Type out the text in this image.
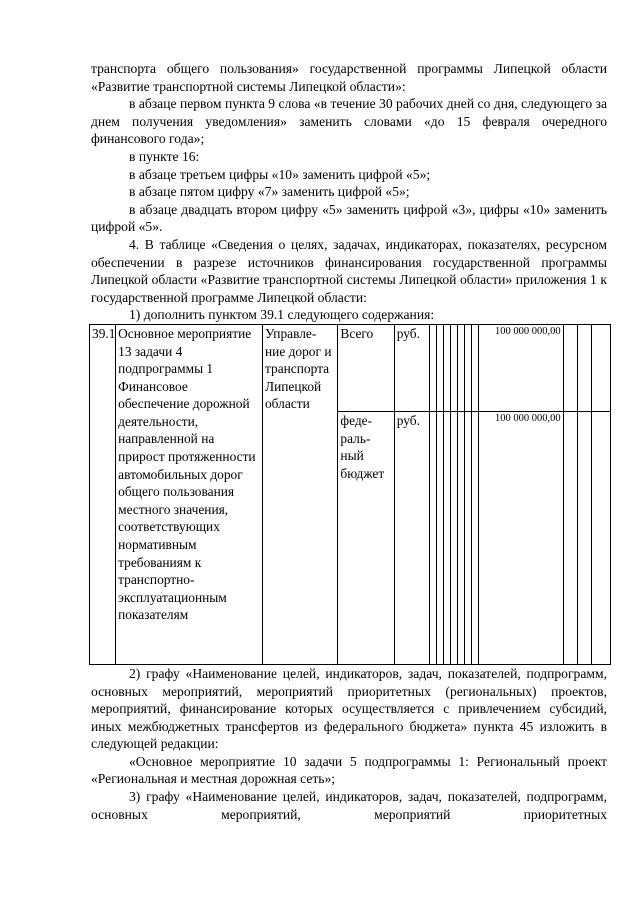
транспорта общего пользования» государственной программы Липецкой области «Развитие транспортной системы Липецкой области»:

в абзаце первом пункта 9 слова «в течение 30 рабочих дней со дня, следующего за днем получения уведомления» заменить словами «до 15 февраля очередного финансового года»;

в пункте 16:

в абзаце третьем цифры «10» заменить цифрой «5»;

в абзаце пятом цифру «7» заменить цифрой «5»;

в абзаце двадцать втором цифру «5» заменить цифрой «3», цифры «10» заменить цифрой «5».

4. В таблице «Сведения о целях, задачах, индикаторах, показателях, ресурсном обеспечении в разрезе источников финансирования государственной программы Липецкой области «Развитие транспортной системы Липецкой области» приложения 1 к государственной программе Липецкой области:

1) дополнить пунктом 39.1 следующего содержания:

39.1	Основное мероприятие 13 задачи 4 подпрограммы 1 Финансовое обеспечение дорожной деятельности, направленной на прирост протяженности автомобильных дорог общего пользования местного значения, соответствующих нормативным требованиям к транспортно-эксплуатационным показателям	Управле-ние дорог и транспорта Липецкой области	Всего	руб.								100 000 000,00			
			феде-раль-ный бюджет	руб.								100 000 000,00			

2) графу «Наименование целей, индикаторов, задач, показателей, подпрограмм, основных мероприятий, мероприятий приоритетных (региональных) проектов, мероприятий, финансирование которых осуществляется с привлечением субсидий, иных межбюджетных трансфертов из федерального бюджета» пункта 45 изложить в следующей редакции:

«Основное мероприятие 10 задачи 5 подпрограммы 1: Региональный проект «Региональная и местная дорожная сеть»;

3) графу «Наименование целей, индикаторов, задач, показателей, подпрограмм, основных мероприятий, мероприятий приоритетных
